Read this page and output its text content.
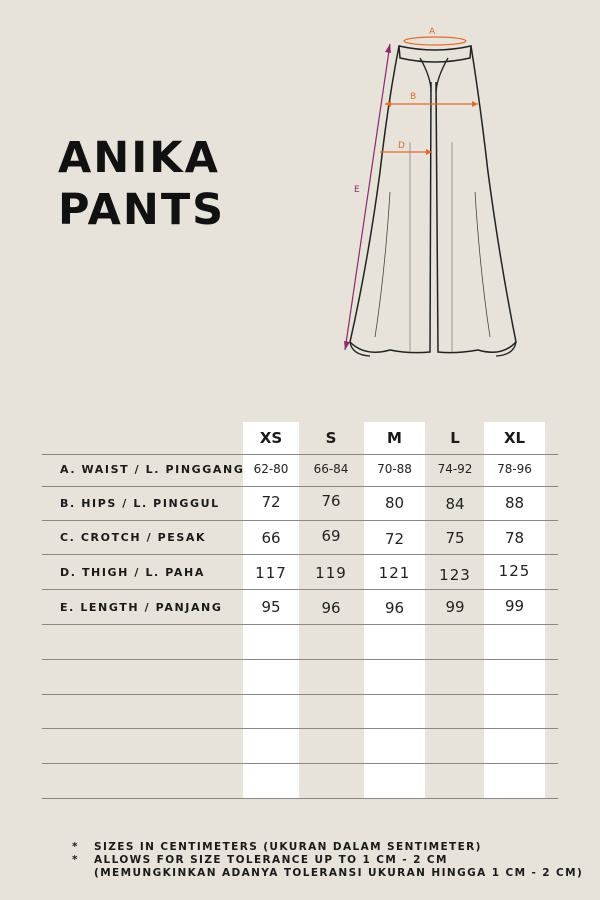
ANIKA
PANTS
A
B
D
E
XS	S	M	L	XL
A. WAIST / L. PINGGANG 62-80	66-84	70-88	74-92	78-96
B. HIPS / L. PINGGUL	72	76	80	84	88
C. CROTCH / PESAK	66	69	72	75	78
D. THIGH / L. PAHA	117	119	121	123	125
E. LENGTH / PANJANG	95	96	96	99	99
* SIZES IN CENTIMETERS (UKURAN DALAM SENTIMETER)
* ALLOWS FOR SIZE TOLERANCE UP TO 1 CM - 2 CM
(MEMUNGKINKAN ADANYA TOLERANSI UKURAN HINGGA 1 CM - 2 CM)
